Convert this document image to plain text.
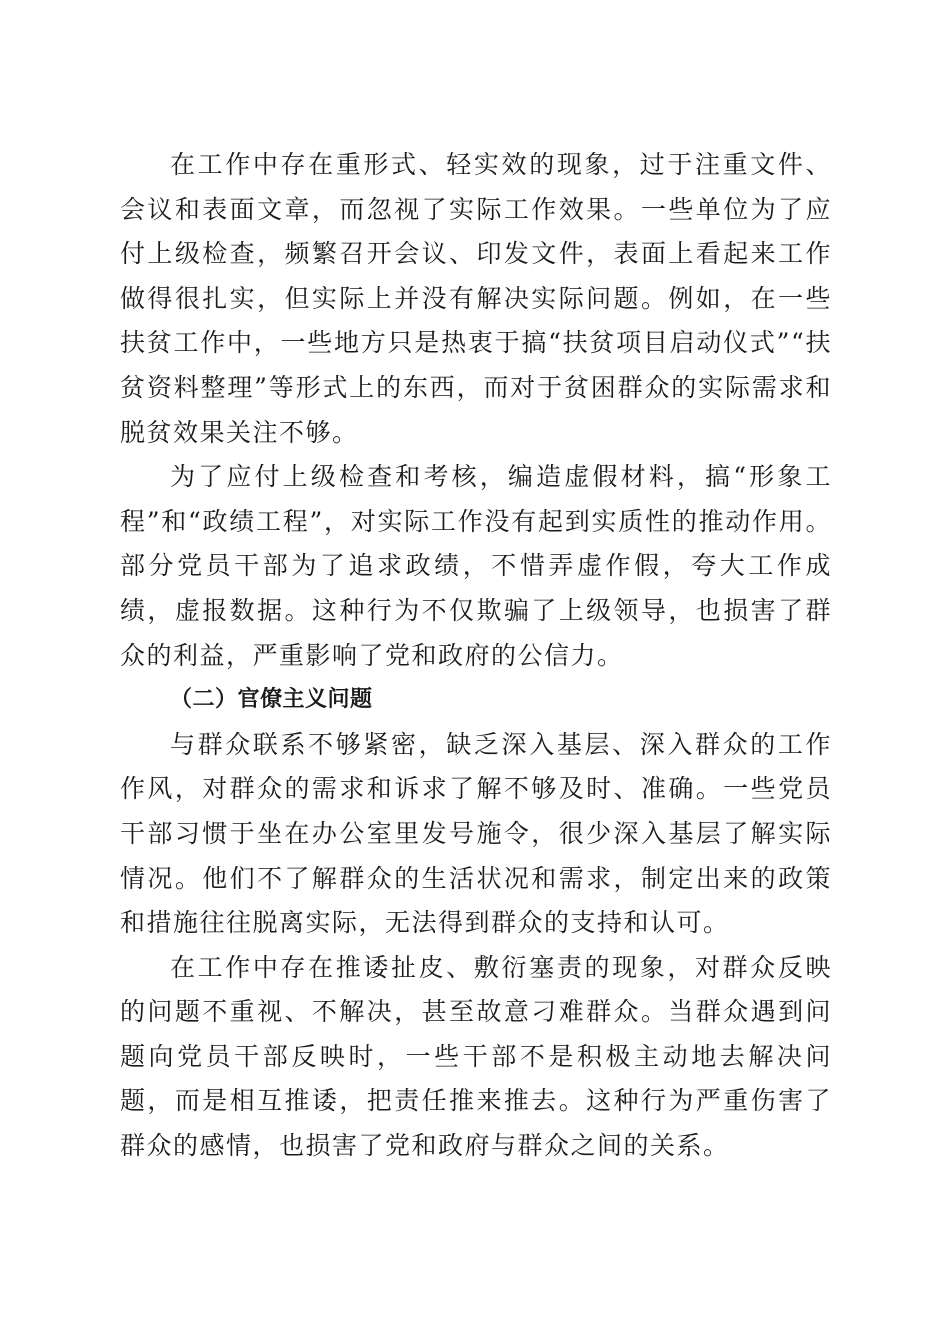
在工作中存在重形式、轻实效的现象，过于注重文件、会议和表面文章，而忽视了实际工作效果。一些单位为了应付上级检查，频繁召开会议、印发文件，表面上看起来工作做得很扎实，但实际上并没有解决实际问题。例如，在一些扶贫工作中，一些地方只是热衷于搞“扶贫项目启动仪式”“扶贫资料整理”等形式上的东西，而对于贫困群众的实际需求和脱贫效果关注不够。

为了应付上级检查和考核，编造虚假材料，搞“形象工程”和“政绩工程”，对实际工作没有起到实质性的推动作用。部分党员干部为了追求政绩，不惜弄虚作假，夸大工作成绩，虚报数据。这种行为不仅欺骗了上级领导，也损害了群众的利益，严重影响了党和政府的公信力。

（二）官僚主义问题

与群众联系不够紧密，缺乏深入基层、深入群众的工作作风，对群众的需求和诉求了解不够及时、准确。一些党员干部习惯于坐在办公室里发号施令，很少深入基层了解实际情况。他们不了解群众的生活状况和需求，制定出来的政策和措施往往脱离实际，无法得到群众的支持和认可。

在工作中存在推诿扯皮、敷衍塞责的现象，对群众反映的问题不重视、不解决，甚至故意刁难群众。当群众遇到问题向党员干部反映时，一些干部不是积极主动地去解决问题，而是相互推诿，把责任推来推去。这种行为严重伤害了群众的感情，也损害了党和政府与群众之间的关系。
